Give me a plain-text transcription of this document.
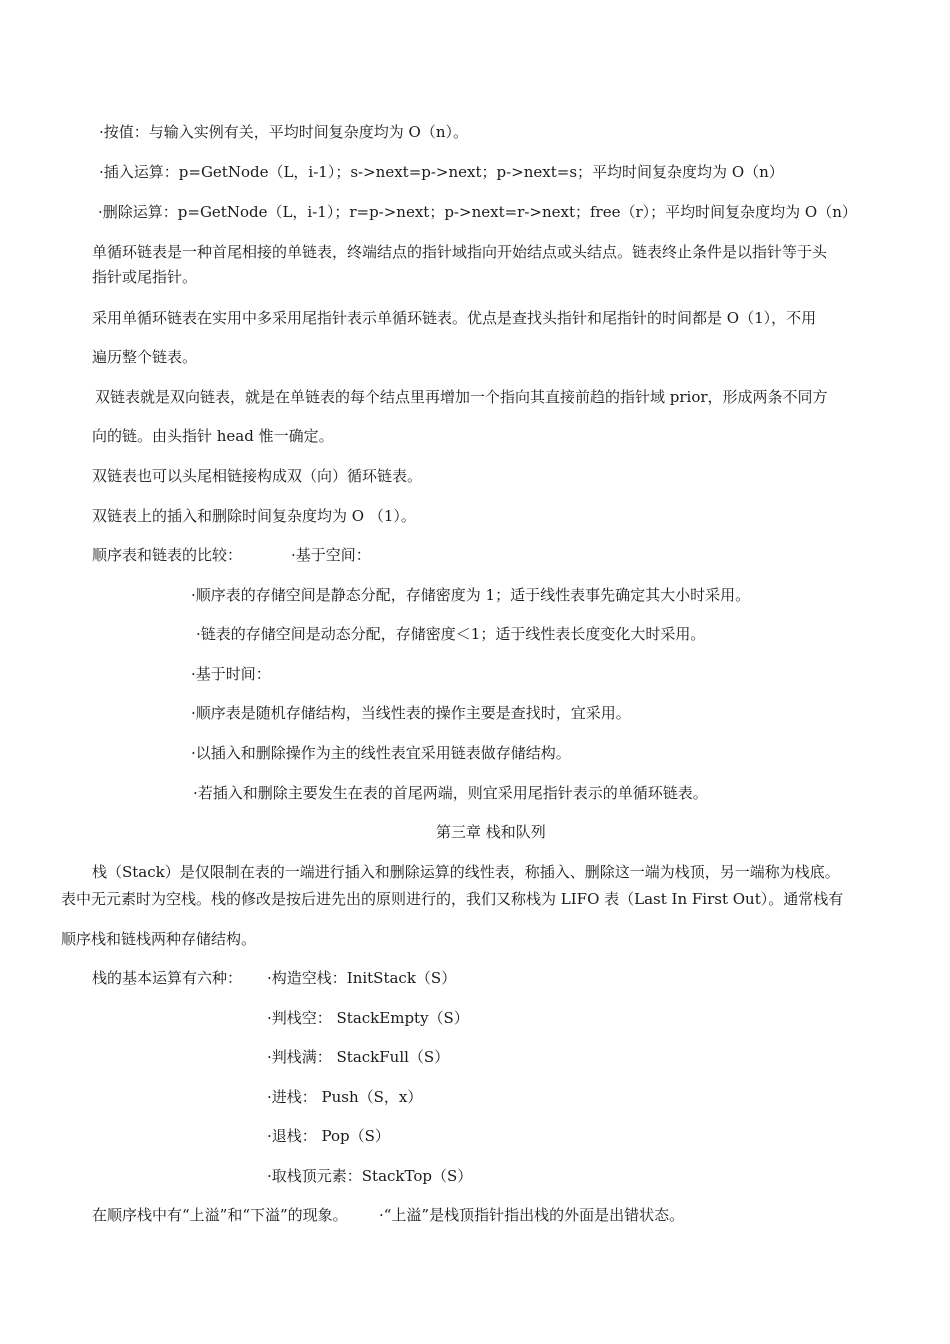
·按值：与输入实例有关，平均时间复杂度均为 O（n）。
·插入运算：p=GetNode（L，i-1）；s->next=p->next；p->next=s；平均时间复杂度均为 O（n）
·删除运算：p=GetNode（L，i-1）；r=p->next；p->next=r->next；free（r）；平均时间复杂度均为 O（n）
单循环链表是一种首尾相接的单链表，终端结点的指针域指向开始结点或头结点。链表终止条件是以指针等于头
指针或尾指针。
采用单循环链表在实用中多采用尾指针表示单循环链表。优点是查找头指针和尾指针的时间都是 O（1），不用
遍历整个链表。
双链表就是双向链表，就是在单链表的每个结点里再增加一个指向其直接前趋的指针域 prior，形成两条不同方
向的链。由头指针 head 惟一确定。
双链表也可以头尾相链接构成双（向）循环链表。
双链表上的插入和删除时间复杂度均为 O （1）。
顺序表和链表的比较：	·基于空间：
·顺序表的存储空间是静态分配，存储密度为 1；适于线性表事先确定其大小时采用。
·链表的存储空间是动态分配，存储密度＜1；适于线性表长度变化大时采用。
·基于时间：
·顺序表是随机存储结构，当线性表的操作主要是查找时，宜采用。
·以插入和删除操作为主的线性表宜采用链表做存储结构。
·若插入和删除主要发生在表的首尾两端，则宜采用尾指针表示的单循环链表。
第三章 栈和队列
栈（Stack）是仅限制在表的一端进行插入和删除运算的线性表，称插入、删除这一端为栈顶，另一端称为栈底。
表中无元素时为空栈。栈的修改是按后进先出的原则进行的，我们又称栈为 LIFO 表（Last In First Out）。通常栈有
顺序栈和链栈两种存储结构。
栈的基本运算有六种： ·构造空栈：InitStack（S）
·判栈空： StackEmpty（S）
·判栈满： StackFull（S）
·进栈： Push（S，x）
·退栈： Pop（S）
·取栈顶元素：StackTop（S）
在顺序栈中有“上溢”和“下溢”的现象。 ·“上溢”是栈顶指针指出栈的外面是出错状态。
